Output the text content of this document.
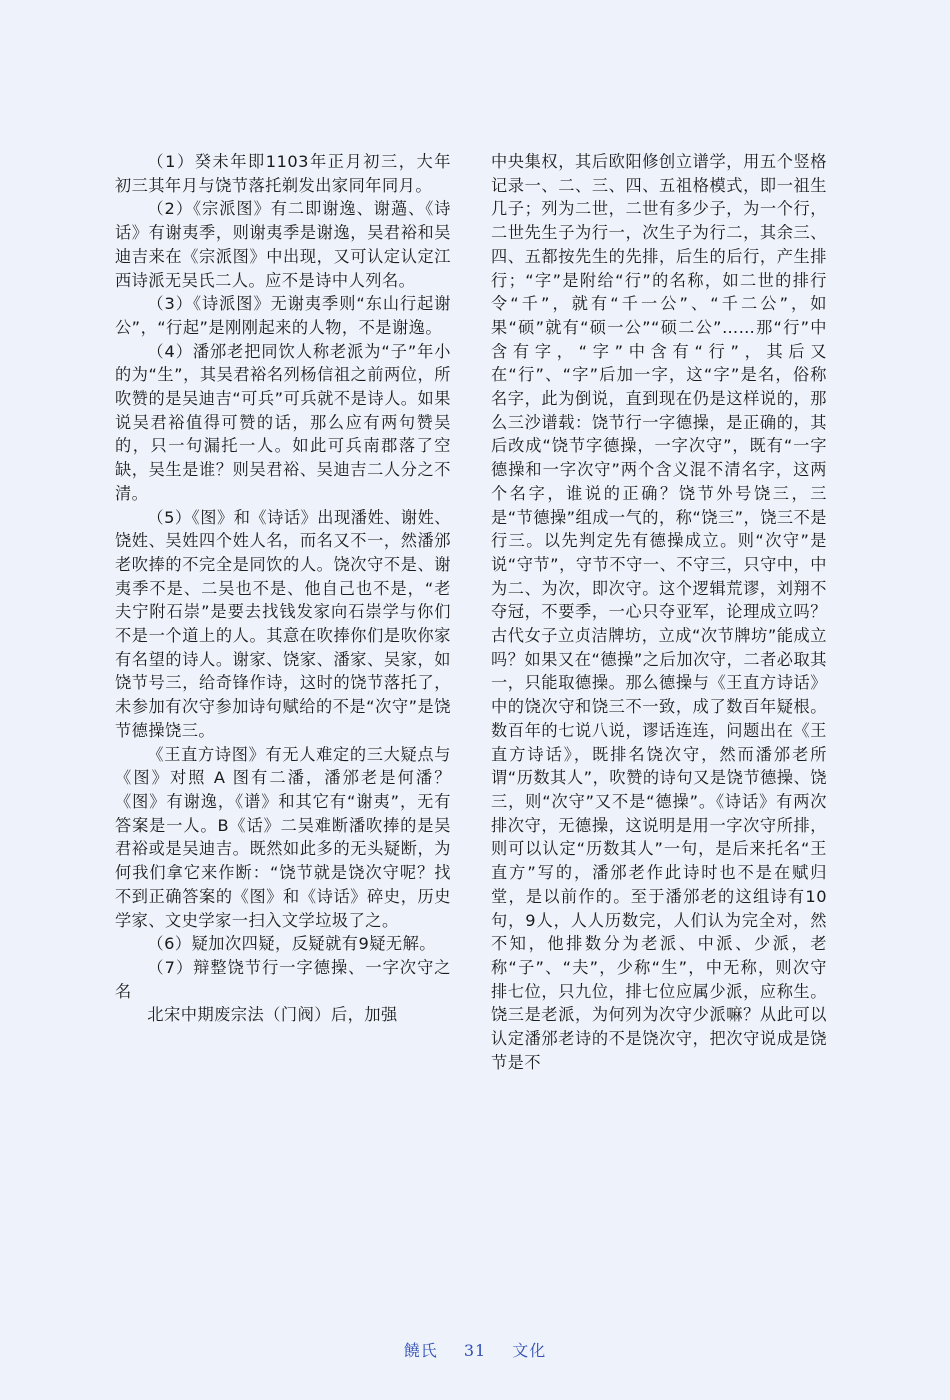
（1）癸未年即1103年正月初三，大年初三其年月与饶节落托剃发出家同年同月。

（2）《宗派图》有二即谢逸、谢薖、《诗话》有谢夷季，则谢夷季是谢逸，吴君裕和吴迪吉来在《宗派图》中出现，又可认定认定江西诗派无吴氏二人。应不是诗中人列名。

（3）《诗派图》无谢夷季则“东山行起谢公”，“行起”是刚刚起来的人物，不是谢逸。

（4）潘邠老把同饮人称老派为“子”年小的为“生”，其吴君裕名列杨信祖之前两位，所吹赞的是吴迪吉“可兵”可兵就不是诗人。如果说吴君裕值得可赞的话，那么应有两句赞吴的，只一句漏托一人。如此可兵南郡落了空缺，吴生是谁？则吴君裕、吴迪吉二人分之不清。

（5）《图》和《诗话》出现潘姓、谢姓、饶姓、吴姓四个姓人名，而名又不一，然潘邠老吹捧的不完全是同饮的人。饶次守不是、谢夷季不是、二吴也不是、他自己也不是，“老夫宁附石崇”是要去找钱发家向石崇学与你们不是一个道上的人。其意在吹捧你们是吹你家有名望的诗人。谢家、饶家、潘家、吴家，如饶节号三，给奇锋作诗，这时的饶节落托了，未参加有次守参加诗句赋给的不是“次守”是饶节德操饶三。

《王直方诗图》有无人难定的三大疑点与《图》对照 A 图有二潘，潘邠老是何潘？《图》有谢逸，《谱》和其它有“谢夷”，无有答案是一人。B《话》二吴难断潘吹捧的是吴君裕或是吴迪吉。既然如此多的无头疑断，为何我们拿它来作断：“饶节就是饶次守呢？找不到正确答案的《图》和《诗话》碎史，历史学家、文史学家一扫入文学垃圾了之。

（6）疑加次四疑，反疑就有9疑无解。

（7）辩整饶节行一字德操、一字次守之名

北宋中期废宗法（门阀）后，加强

中央集权，其后欧阳修创立谱学，用五个竖格记录一、二、三、四、五祖格模式，即一祖生几子；列为二世，二世有多少子，为一个行，二世先生子为行一，次生子为行二，其余三、四、五都按先生的先排，后生的后行，产生排行；“字”是附给“行”的名称，如二世的排行令“千”，就有“千一公”、“千二公”，如果“硕”就有“硕一公”“硕二公”……那“行”中含有字，“字”中含有“行”，其后又在“行”、“字”后加一字，这“字”是名，俗称名字，此为倒说，直到现在仍是这样说的，那么三沙谱载：饶节行一字德操，是正确的，其后改成“饶节字德操，一字次守”，既有“一字德操和一字次守”两个含义混不清名字，这两个名字，谁说的正确？饶节外号饶三，三是“节德操”组成一气的，称“饶三”，饶三不是行三。以先判定先有德操成立。则“次守”是说“守节”，守节不守一、不守三，只守中，中为二、为次，即次守。这个逻辑荒谬，刘翔不夺冠，不要季，一心只夺亚军，论理成立吗？古代女子立贞洁牌坊，立成“次节牌坊”能成立吗？如果又在“德操”之后加次守，二者必取其一，只能取德操。那么德操与《王直方诗话》中的饶次守和饶三不一致，成了数百年疑根。数百年的七说八说，谬话连连，问题出在《王直方诗话》，既排名饶次守，然而潘邠老所谓“历数其人”，吹赞的诗句又是饶节德操、饶三，则“次守”又不是“德操”。《诗话》有两次排次守，无德操，这说明是用一字次守所排，则可以认定“历数其人”一句，是后来托名“王直方”写的，潘邠老作此诗时也不是在赋归堂，是以前作的。至于潘邠老的这组诗有10句，9人，人人历数完，人们认为完全对，然不知，他排数分为老派、中派、少派，老称“子”、“夫”，少称“生”，中无称，则次守排七位，只九位，排七位应属少派，应称生。饶三是老派，为何列为次守少派嘛？从此可以认定潘邠老诗的不是饶次守，把次守说成是饶节是不

饒氏 31 文化
